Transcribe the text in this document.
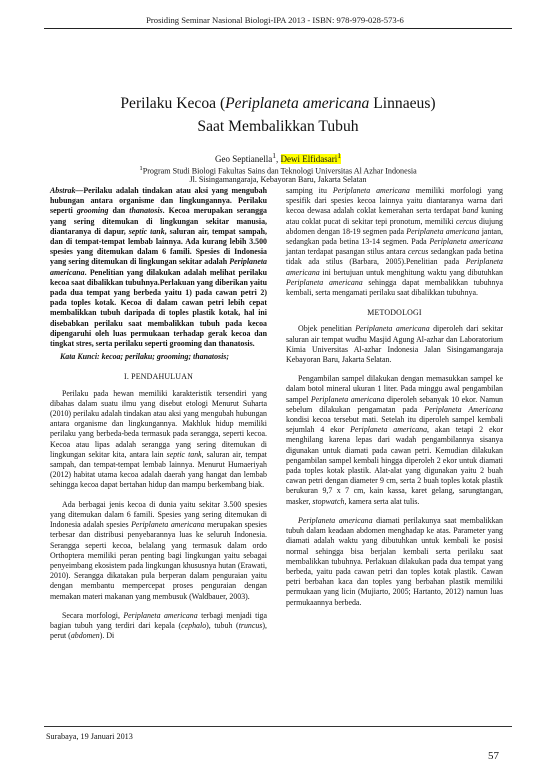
Prosiding Seminar Nasional Biologi-IPA 2013 - ISBN: 978-979-028-573-6
Perilaku Kecoa (Periplaneta americana Linnaeus)
Saat Membalikkan Tubuh
Geo Septianella$^1$, Dewi Elfidasari$^1$
$^1$Program Studi Biologi Fakultas Sains dan Teknologi Universitas Al Azhar Indonesia
Jl. Sisingamangaraja, Kebayoran Baru, Jakarta Selatan

Abstrak—Perilaku adalah tindakan atau aksi yang mengubah hubungan antara organisme dan lingkungannya. Perilaku seperti grooming dan thanatosis. Kecoa merupakan serangga yang sering ditemukan di lingkungan sekitar manusia, diantaranya di dapur, septic tank, saluran air, tempat sampah, dan di tempat-tempat lembab lainnya. Ada kurang lebih 3.500 spesies yang ditemukan dalam 6 famili. Spesies di Indonesia yang sering ditemukan di lingkungan sekitar adalah Periplaneta americana. Penelitian yang dilakukan adalah melihat perilaku kecoa saat dibalikkan tubuhnya.Perlakuan yang diberikan yaitu pada dua tempat yang berbeda yaitu 1) pada cawan petri 2) pada toples kotak. Kecoa di dalam cawan petri lebih cepat membalikkan tubuh daripada di toples plastik kotak, hal ini disebabkan perilaku saat membalikkan tubuh pada kecoa dipengaruhi oleh luas permukaan terhadap gerak kecoa dan tingkat stres, serta perilaku seperti grooming dan thanatosis.

Kata Kunci: kecoa; perilaku; grooming; thanatosis;

I. PENDAHULUAN

Perilaku pada hewan memiliki karakteristik tersendiri yang dibahas dalam suatu ilmu yang disebut etologi Menurut Suharta (2010) perilaku adalah tindakan atau aksi yang mengubah hubungan antara organisme dan lingkungannya. Makhluk hidup memiliki perilaku yang berbeda-beda termasuk pada serangga, seperti kecoa. Kecoa atau lipas adalah serangga yang sering ditemukan di lingkungan sekitar kita, antara lain septic tank, saluran air, tempat sampah, dan tempat-tempat lembab lainnya. Menurut Humaeriyah (2012) habitat utama kecoa adalah daerah yang hangat dan lembab sehingga kecoa dapat bertahan hidup dan mampu berkembang biak.

Ada berbagai jenis kecoa di dunia yaitu sekitar 3.500 spesies yang ditemukan dalam 6 famili. Spesies yang sering ditemukan di Indonesia adalah spesies Periplaneta americana merupakan spesies terbesar dan distribusi penyebarannya luas ke seluruh Indonesia. Serangga seperti kecoa, belalang yang termasuk dalam ordo Orthoptera memiliki peran penting bagi lingkungan yaitu sebagai penyeimbang ekosistem pada lingkungan khususnya hutan (Erawati, 2010). Serangga dikatakan pula berperan dalam penguraian yaitu dengan membantu mempercepat proses penguraian dengan memakan materi makanan yang membusuk (Waldbauer, 2003).

Secara morfologi, Periplaneta americana terbagi menjadi tiga bagian tubuh yang terdiri dari kepala (cephalo), tubuh (truncus), perut (abdomen). Di

samping itu Periplaneta americana memiliki morfologi yang spesifik dari spesies kecoa lainnya yaitu diantaranya warna dari kecoa dewasa adalah coklat kemerahan serta terdapat band kuning atau coklat pucat di sekitar tepi pronotum, memiliki cercus diujung abdomen dengan 18-19 segmen pada Periplaneta americana jantan, sedangkan pada betina 13-14 segmen. Pada Periplaneta americana jantan terdapat pasangan stilus antara cercus sedangkan pada betina tidak ada stilus (Barbara, 2005).Penelitian pada Periplaneta americana ini bertujuan untuk menghitung waktu yang dibutuhkan Periplaneta americana sehingga dapat membalikkan tubuhnya kembali, serta mengamati perilaku saat dibalikkan tubuhnya.

METODOLOGI

Objek penelitian Periplaneta americana diperoleh dari sekitar saluran air tempat wudhu Masjid Agung Al-azhar dan Laboratorium Kimia Universitas Al-azhar Indonesia Jalan Sisingamangaraja Kebayoran Baru, Jakarta Selatan.

Pengambilan sampel dilakukan dengan memasukkan sampel ke dalam botol mineral ukuran 1 liter. Pada minggu awal pengambilan sampel Periplaneta americana diperoleh sebanyak 10 ekor. Namun sebelum dilakukan pengamatan pada Periplaneta Americana kondisi kecoa tersebut mati. Setelah itu diperoleh sampel kembali sejumlah 4 ekor Periplaneta americana, akan tetapi 2 ekor menghilang karena lepas dari wadah pengambilannya sisanya digunakan untuk diamati pada cawan petri. Kemudian dilakukan pengambilan sampel kembali hingga diperoleh 2 ekor untuk diamati pada toples kotak plastik. Alat-alat yang digunakan yaitu 2 buah cawan petri dengan diameter 9 cm, serta 2 buah toples kotak plastik berukuran 9,7 x 7 cm, kain kassa, karet gelang, sarungtangan, masker, stopwatch, kamera serta alat tulis.

Periplaneta americana diamati perilakunya saat membalikkan tubuh dalam keadaan abdomen menghadap ke atas. Parameter yang diamati adalah waktu yang dibutuhkan untuk kembali ke posisi normal sehingga bisa berjalan kembali serta perilaku saat membalikkan tubuhnya. Perlakuan dilakukan pada dua tempat yang berbeda, yaitu pada cawan petri dan toples kotak plastik. Cawan petri berbahan kaca dan toples yang berbahan plastik memiliki permukaan yang licin (Mujiarto, 2005; Hartanto, 2012) namun luas permukaannya berbeda.

Surabaya, 19 Januari 2013
57
